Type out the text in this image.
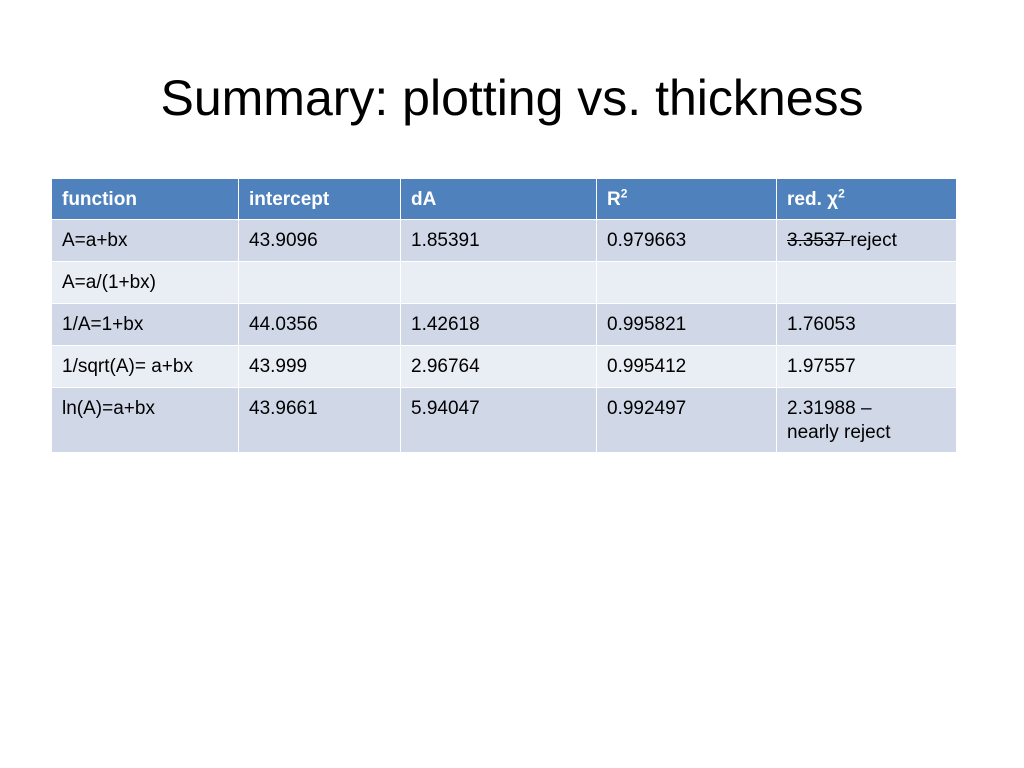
Summary: plotting vs. thickness
function	intercept	dA	$R^2$	red. $\chi^2$
A=a+bx	43.9096	1.85391	0.979663	3.3537 reject
A=a/(1+bx)				
1/A=1+bx	44.0356	1.42618	0.995821	1.76053
1/sqrt(A)= a+bx	43.999	2.96764	0.995412	1.97557
ln(A)=a+bx	43.9661	5.94047	0.992497	2.31988 –
nearly reject
